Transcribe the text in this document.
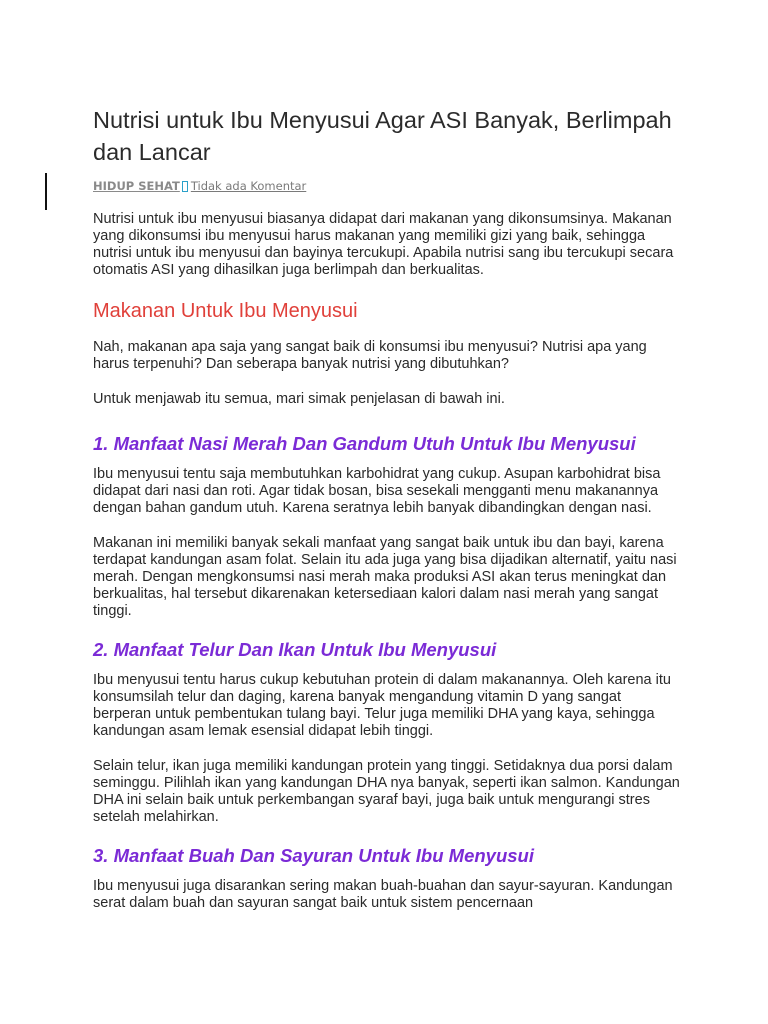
Nutrisi untuk Ibu Menyusui Agar ASI Banyak, Berlimpah dan Lancar
HIDUP SEHAT Tidak ada Komentar

Nutrisi untuk ibu menyusui biasanya didapat dari makanan yang dikonsumsinya. Makanan yang dikonsumsi ibu menyusui harus makanan yang memiliki gizi yang baik, sehingga nutrisi untuk ibu menyusui dan bayinya tercukupi. Apabila nutrisi sang ibu tercukupi secara otomatis ASI yang dihasilkan juga berlimpah dan berkualitas.

Makanan Untuk Ibu Menyusui

Nah, makanan apa saja yang sangat baik di konsumsi ibu menyusui? Nutrisi apa yang harus terpenuhi? Dan seberapa banyak nutrisi yang dibutuhkan?

Untuk menjawab itu semua, mari simak penjelasan di bawah ini.

1. Manfaat Nasi Merah Dan Gandum Utuh Untuk Ibu Menyusui

Ibu menyusui tentu saja membutuhkan karbohidrat yang cukup. Asupan karbohidrat bisa didapat dari nasi dan roti. Agar tidak bosan, bisa sesekali mengganti menu makanannya dengan bahan gandum utuh. Karena seratnya lebih banyak dibandingkan dengan nasi.

Makanan ini memiliki banyak sekali manfaat yang sangat baik untuk ibu dan bayi, karena terdapat kandungan asam folat. Selain itu ada juga yang bisa dijadikan alternatif, yaitu nasi merah. Dengan mengkonsumsi nasi merah maka produksi ASI akan terus meningkat dan berkualitas, hal tersebut dikarenakan ketersediaan kalori dalam nasi merah yang sangat tinggi.

2. Manfaat Telur Dan Ikan Untuk Ibu Menyusui

Ibu menyusui tentu harus cukup kebutuhan protein di dalam makanannya. Oleh karena itu konsumsilah telur dan daging, karena banyak mengandung vitamin D yang sangat berperan untuk pembentukan tulang bayi. Telur juga memiliki DHA yang kaya, sehingga kandungan asam lemak esensial didapat lebih tinggi.

Selain telur, ikan juga memiliki kandungan protein yang tinggi. Setidaknya dua porsi dalam seminggu. Pilihlah ikan yang kandungan DHA nya banyak, seperti ikan salmon. Kandungan DHA ini selain baik untuk perkembangan syaraf bayi, juga baik untuk mengurangi stres setelah melahirkan.

3. Manfaat Buah Dan Sayuran Untuk Ibu Menyusui

Ibu menyusui juga disarankan sering makan buah-buahan dan sayur-sayuran. Kandungan serat dalam buah dan sayuran sangat baik untuk sistem pencernaan
